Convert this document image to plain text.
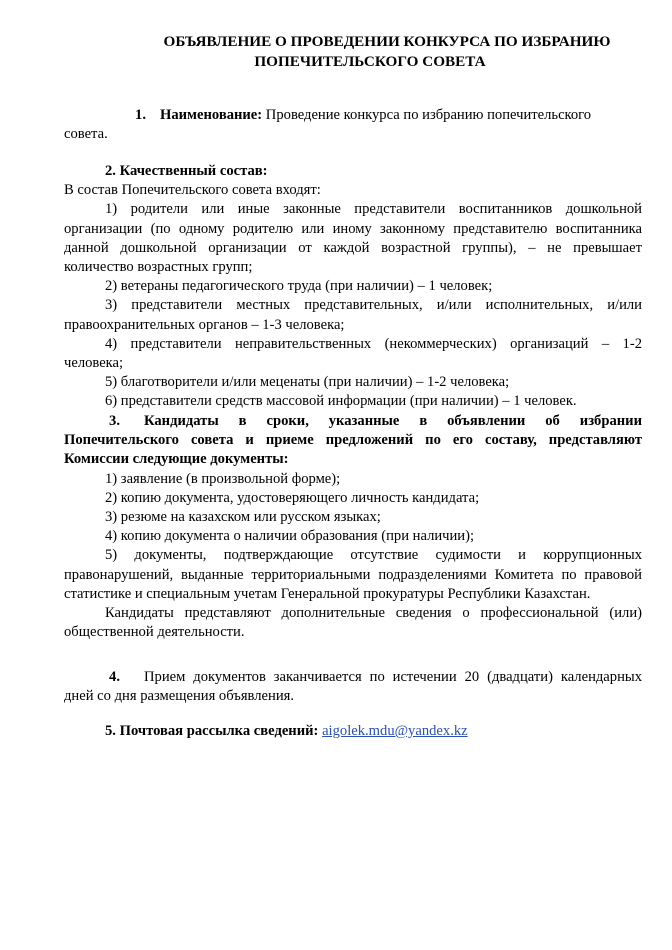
ОБЪЯВЛЕНИЕ О ПРОВЕДЕНИИ КОНКУРСА ПО ИЗБРАНИЮ
ПОПЕЧИТЕЛЬСКОГО СОВЕТА

1. Наименование: Проведение конкурса по избранию попечительского

совета.

2. Качественный состав:

В состав Попечительского совета входят:

1) родители или иные законные представители воспитанников дошкольной организации (по одному родителю или иному законному представителю воспитанника данной дошкольной организации от каждой возрастной группы), – не превышает количество возрастных групп;

2) ветераны педагогического труда (при наличии) – 1 человек;

3) представители местных представительных, и/или исполнительных, и/или правоохранительных органов – 1-3 человека;

4) представители неправительственных (некоммерческих) организаций – 1-2 человека;

5) благотворители и/или меценаты (при наличии) – 1-2 человека;

6) представители средств массовой информации (при наличии) – 1 человек.

3. Кандидаты в сроки, указанные в объявлении об избрании Попечительского совета и приеме предложений по его составу, представляют Комиссии следующие документы:

1) заявление (в произвольной форме);

2) копию документа, удостоверяющего личность кандидата;

3) резюме на казахском или русском языках;

4) копию документа о наличии образования (при наличии);

5) документы, подтверждающие отсутствие судимости и коррупционных правонарушений, выданные территориальными подразделениями Комитета по правовой статистике и специальным учетам Генеральной прокуратуры Республики Казахстан.

Кандидаты представляют дополнительные сведения о профессиональной (или) общественной деятельности.

4. Прием документов заканчивается по истечении 20 (двадцати) календарных дней со дня размещения объявления.

5. Почтовая рассылка сведений: aigolek.mdu@yandex.kz
